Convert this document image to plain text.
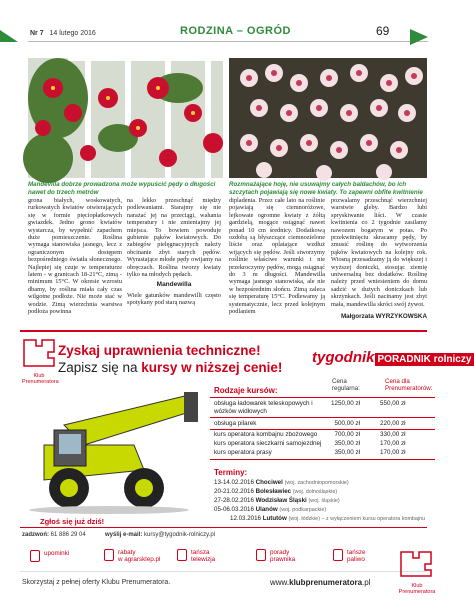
Nr 7 14 lutego 2016	RODZINA – OGRÓD	69
Mandevilla dobrze prowadzona może wypuścić pędy o długości nawet do trzech metrów
Rozmnażające hoję, nie usuwajmy całych baldachów, bo ich szczytach pojawiają się nowe kwiaty. To zapewni obfite kwitnienie
grona białych, woskowatych, rurkowatych kwiatów otwierających się w formie pięciopłatkowych gwiazdek. Jedno grono kwiatów wystarcza, by wypełnić zapachem duże pomieszczenie. Roślina wymaga stanowiska jasnego, lecz z ograniczonym dostępem bezpośredniego światła słonecznego. Najlepiej się czuje w temperaturze latem - w granicach 18-21°C, zimą - minimum 15°C. W okresie wzrostu dbamy, by roślina miała cały czas wilgotne podłoże. Nie może stać w wodzie. Zimą wierzchnia warstwa podłoża powinna
na lekko przeschnąć między podlewaniami. Starajmy się nie narażać jej na przeciągi, wahania temperatury i nie zmieniajmy jej miejsca. To bowiem powoduje gubienie pąków kwiatowych. Do zabiegów pielęgnacyjnych należy obcinanie zbyt starych pędów. Wyrastające młode pędy owijamy na obręczach. Roślina tworzy kwiaty tylko na młodych pędach.
Mandewilla
Wiele gatunków mandewilli często spotykany pod starą nazwą
dipladenia. Przez całe lato na roślinie pojawiają się ciemnoróżowe, lejkowate ogromne kwiaty z żółtą gardzielą, mogące osiągnąć nawet ponad 10 cm średnicy. Dodatkową ozdobą są błyszczące ciemnozielone liście oraz oplatające wzdłuż wijących się pędów. Jeśli stworzymy roślinie właściwe warunki i nie przekroczymy pędów, mogą osiągnąć do 3 m długości. Mandewilla wymaga jasnego stanowiska, ale nie w bezpośrednim słońcu. Zimą zaleca się temperaturę 15°C. Podlewamy ją systematycznie, lecz przed kolejnym podlaniem
pozwalamy przeschnąć wierzchniej warstwie gleby. Bardzo lubi spryskiwanie liści. W czasie kwitnienia co 2 tygodnie zasilamy nawozem bogatym w potas. Po przekwitnięciu skracamy pędy, by zmusić roślinę do wytworzenia pąków kwiatowych na kolejny rok. Wiosną przesadzamy ją do większej i wyższej doniczki, stosując ziemię uniwersalną bez dodatków. Roślinę należy przed wniesieniem do domu sadzić w dużych doniczkach lub skrzynkach. Jeśli nacinamy jest zbyt mała, mandewilla skróci swój żywot.
Małgorzata WYRZYKOWSKA
Klub
Prenumeratora
Zyskaj uprawnienia techniczne!
Zapisz się na kursy w niższej cenie!
tygodnik PORADNIK rolniczy
Cena
regularna:
Cena dla
Prenumeratorów:
Rodzaje kursów:
obsługa ładowarek teleskopowych i wózków widłowych
1250,00 zł	550,00 zł
obsługa pilarek	500,00 zł	220,00 zł
kurs operatora kombajnu zbożowego	700,00 zł	330,00 zł
kurs operatora sieczkarni samojezdnej	350,00 zł	170,00 zł
kurs operatora prasy	350,00 zł	170,00 zł
Terminy:
13-14.02.2016 Chociwel (woj. zachodniopomorskie)
20-21.02.2016 Bolesławiec (woj. dolnośląskie)
27-28.02.2016 Wodzisław Śląski (woj. śląskie)
05-06.03.2016 Ulanów (woj. podkarpackie)
12.03.2016 Lututów (woj. łódzkie) – z wyłączeniem kursu operatora kombajnu
Zgłoś się już dziś!
zadzwoń: 61 886 29 04	wyślij e-mail: kursy@tygodnik-rolniczy.pl
upominki	rabaty
w agrarsklep.pl
tańsza
telewizja
porady
prawnika
tańsze
paliwo
Skorzystaj z pełnej oferty Klubu Prenumeratora.	www.klubprenumeratora.pl	Klub
Prenumeratora
